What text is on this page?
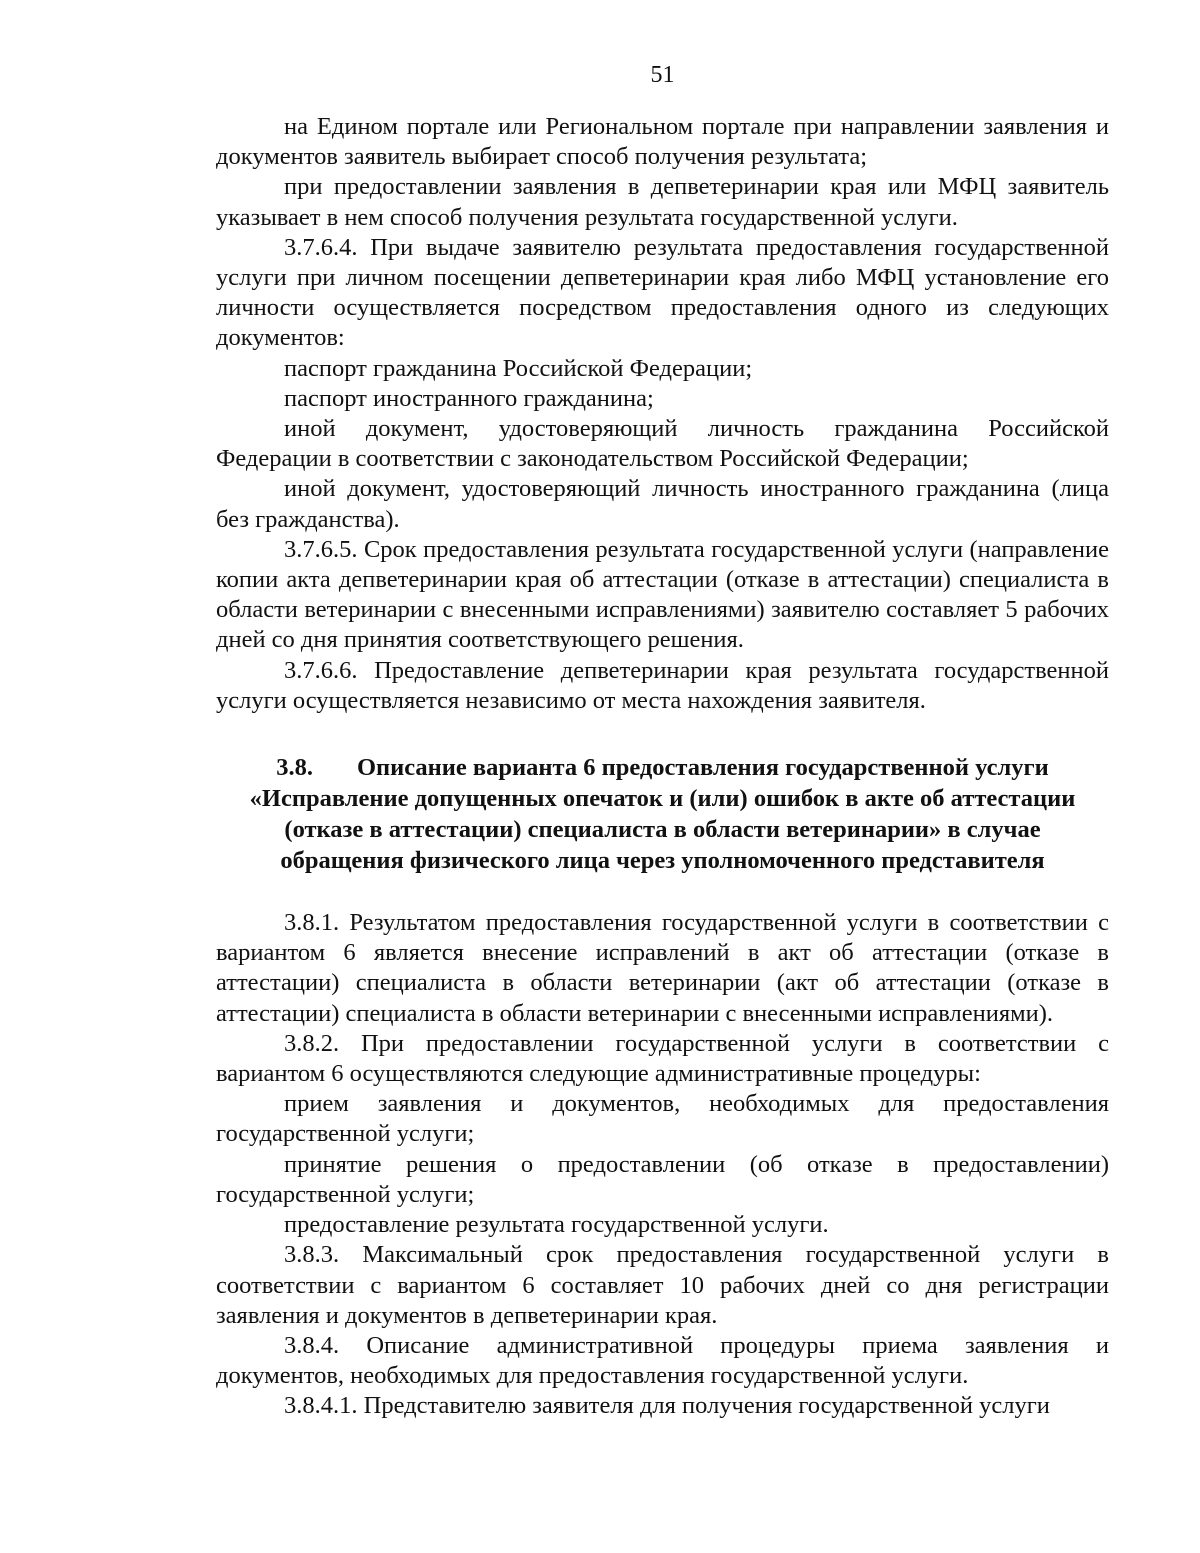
51

на Едином портале или Региональном портале при направлении заявления и документов заявитель выбирает способ получения результата;

при предоставлении заявления в депветеринарии края или МФЦ заявитель указывает в нем способ получения результата государственной услуги.

3.7.6.4. При выдаче заявителю результата предоставления государственной услуги при личном посещении депветеринарии края либо МФЦ установление его личности осуществляется посредством предоставления одного из следующих документов:

паспорт гражданина Российской Федерации;

паспорт иностранного гражданина;

иной документ, удостоверяющий личность гражданина Российской Федерации в соответствии с законодательством Российской Федерации;

иной документ, удостоверяющий личность иностранного гражданина (лица без гражданства).

3.7.6.5. Срок предоставления результата государственной услуги (направление копии акта депветеринарии края об аттестации (отказе в аттестации) специалиста в области ветеринарии с внесенными исправлениями) заявителю составляет 5 рабочих дней со дня принятия соответствующего решения.

3.7.6.6. Предоставление депветеринарии края результата государственной услуги осуществляется независимо от места нахождения заявителя.

3.8. Описание варианта 6 предоставления государственной услуги «Исправление допущенных опечаток и (или) ошибок в акте об аттестации (отказе в аттестации) специалиста в области ветеринарии» в случае обращения физического лица через уполномоченного представителя

3.8.1. Результатом предоставления государственной услуги в соответствии с вариантом 6 является внесение исправлений в акт об аттестации (отказе в аттестации) специалиста в области ветеринарии (акт об аттестации (отказе в аттестации) специалиста в области ветеринарии с внесенными исправлениями).

3.8.2. При предоставлении государственной услуги в соответствии с вариантом 6 осуществляются следующие административные процедуры:

прием заявления и документов, необходимых для предоставления государственной услуги;

принятие решения о предоставлении (об отказе в предоставлении) государственной услуги;

предоставление результата государственной услуги.

3.8.3. Максимальный срок предоставления государственной услуги в соответствии с вариантом 6 составляет 10 рабочих дней со дня регистрации заявления и документов в депветеринарии края.

3.8.4. Описание административной процедуры приема заявления и документов, необходимых для предоставления государственной услуги.

3.8.4.1. Представителю заявителя для получения государственной услуги
